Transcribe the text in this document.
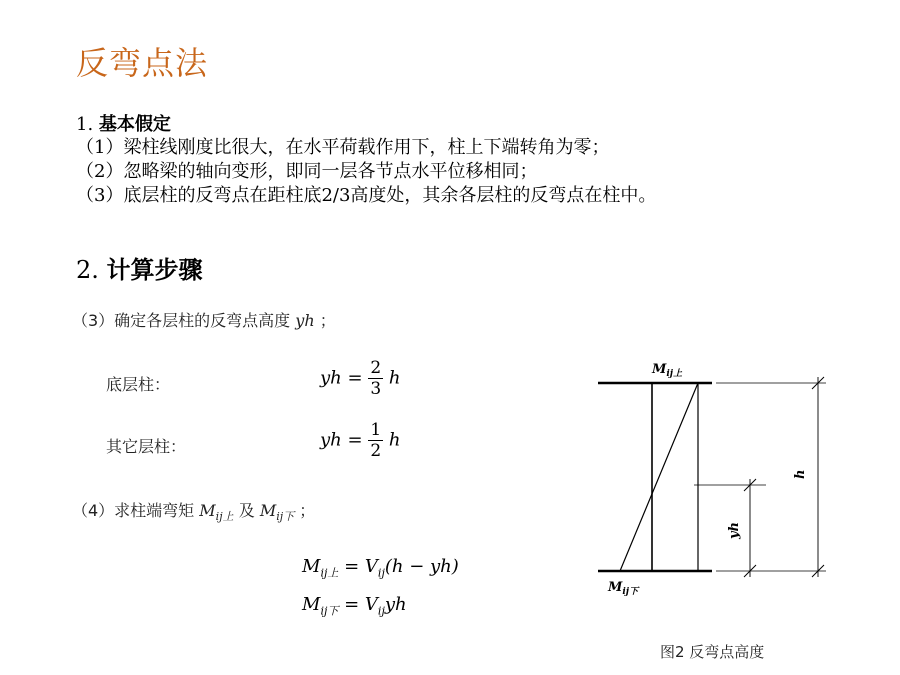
反弯点法
1. 基本假定
（1）梁柱线刚度比很大，在水平荷载作用下，柱上下端转角为零；
（2）忽略梁的轴向变形，即同一层各节点水平位移相同；
（3）底层柱的反弯点在距柱底2/3高度处，其余各层柱的反弯点在柱中。
2. 计算步骤
（3）确定各层柱的反弯点高度 yh ；
底层柱：	yh = $\frac{2}{3}$ h
其它层柱：	yh = $\frac{1}{2}$ h
（4）求柱端弯矩 $M_{ij上}$ 及 $M_{ij下}$ ；
$M_{ij上} = V_{ij}(h - yh)$
$M_{ij下} = V_{ij}yh$
$M_{ij上}$
$M_{ij下}$
h
yh
图2 反弯点高度
